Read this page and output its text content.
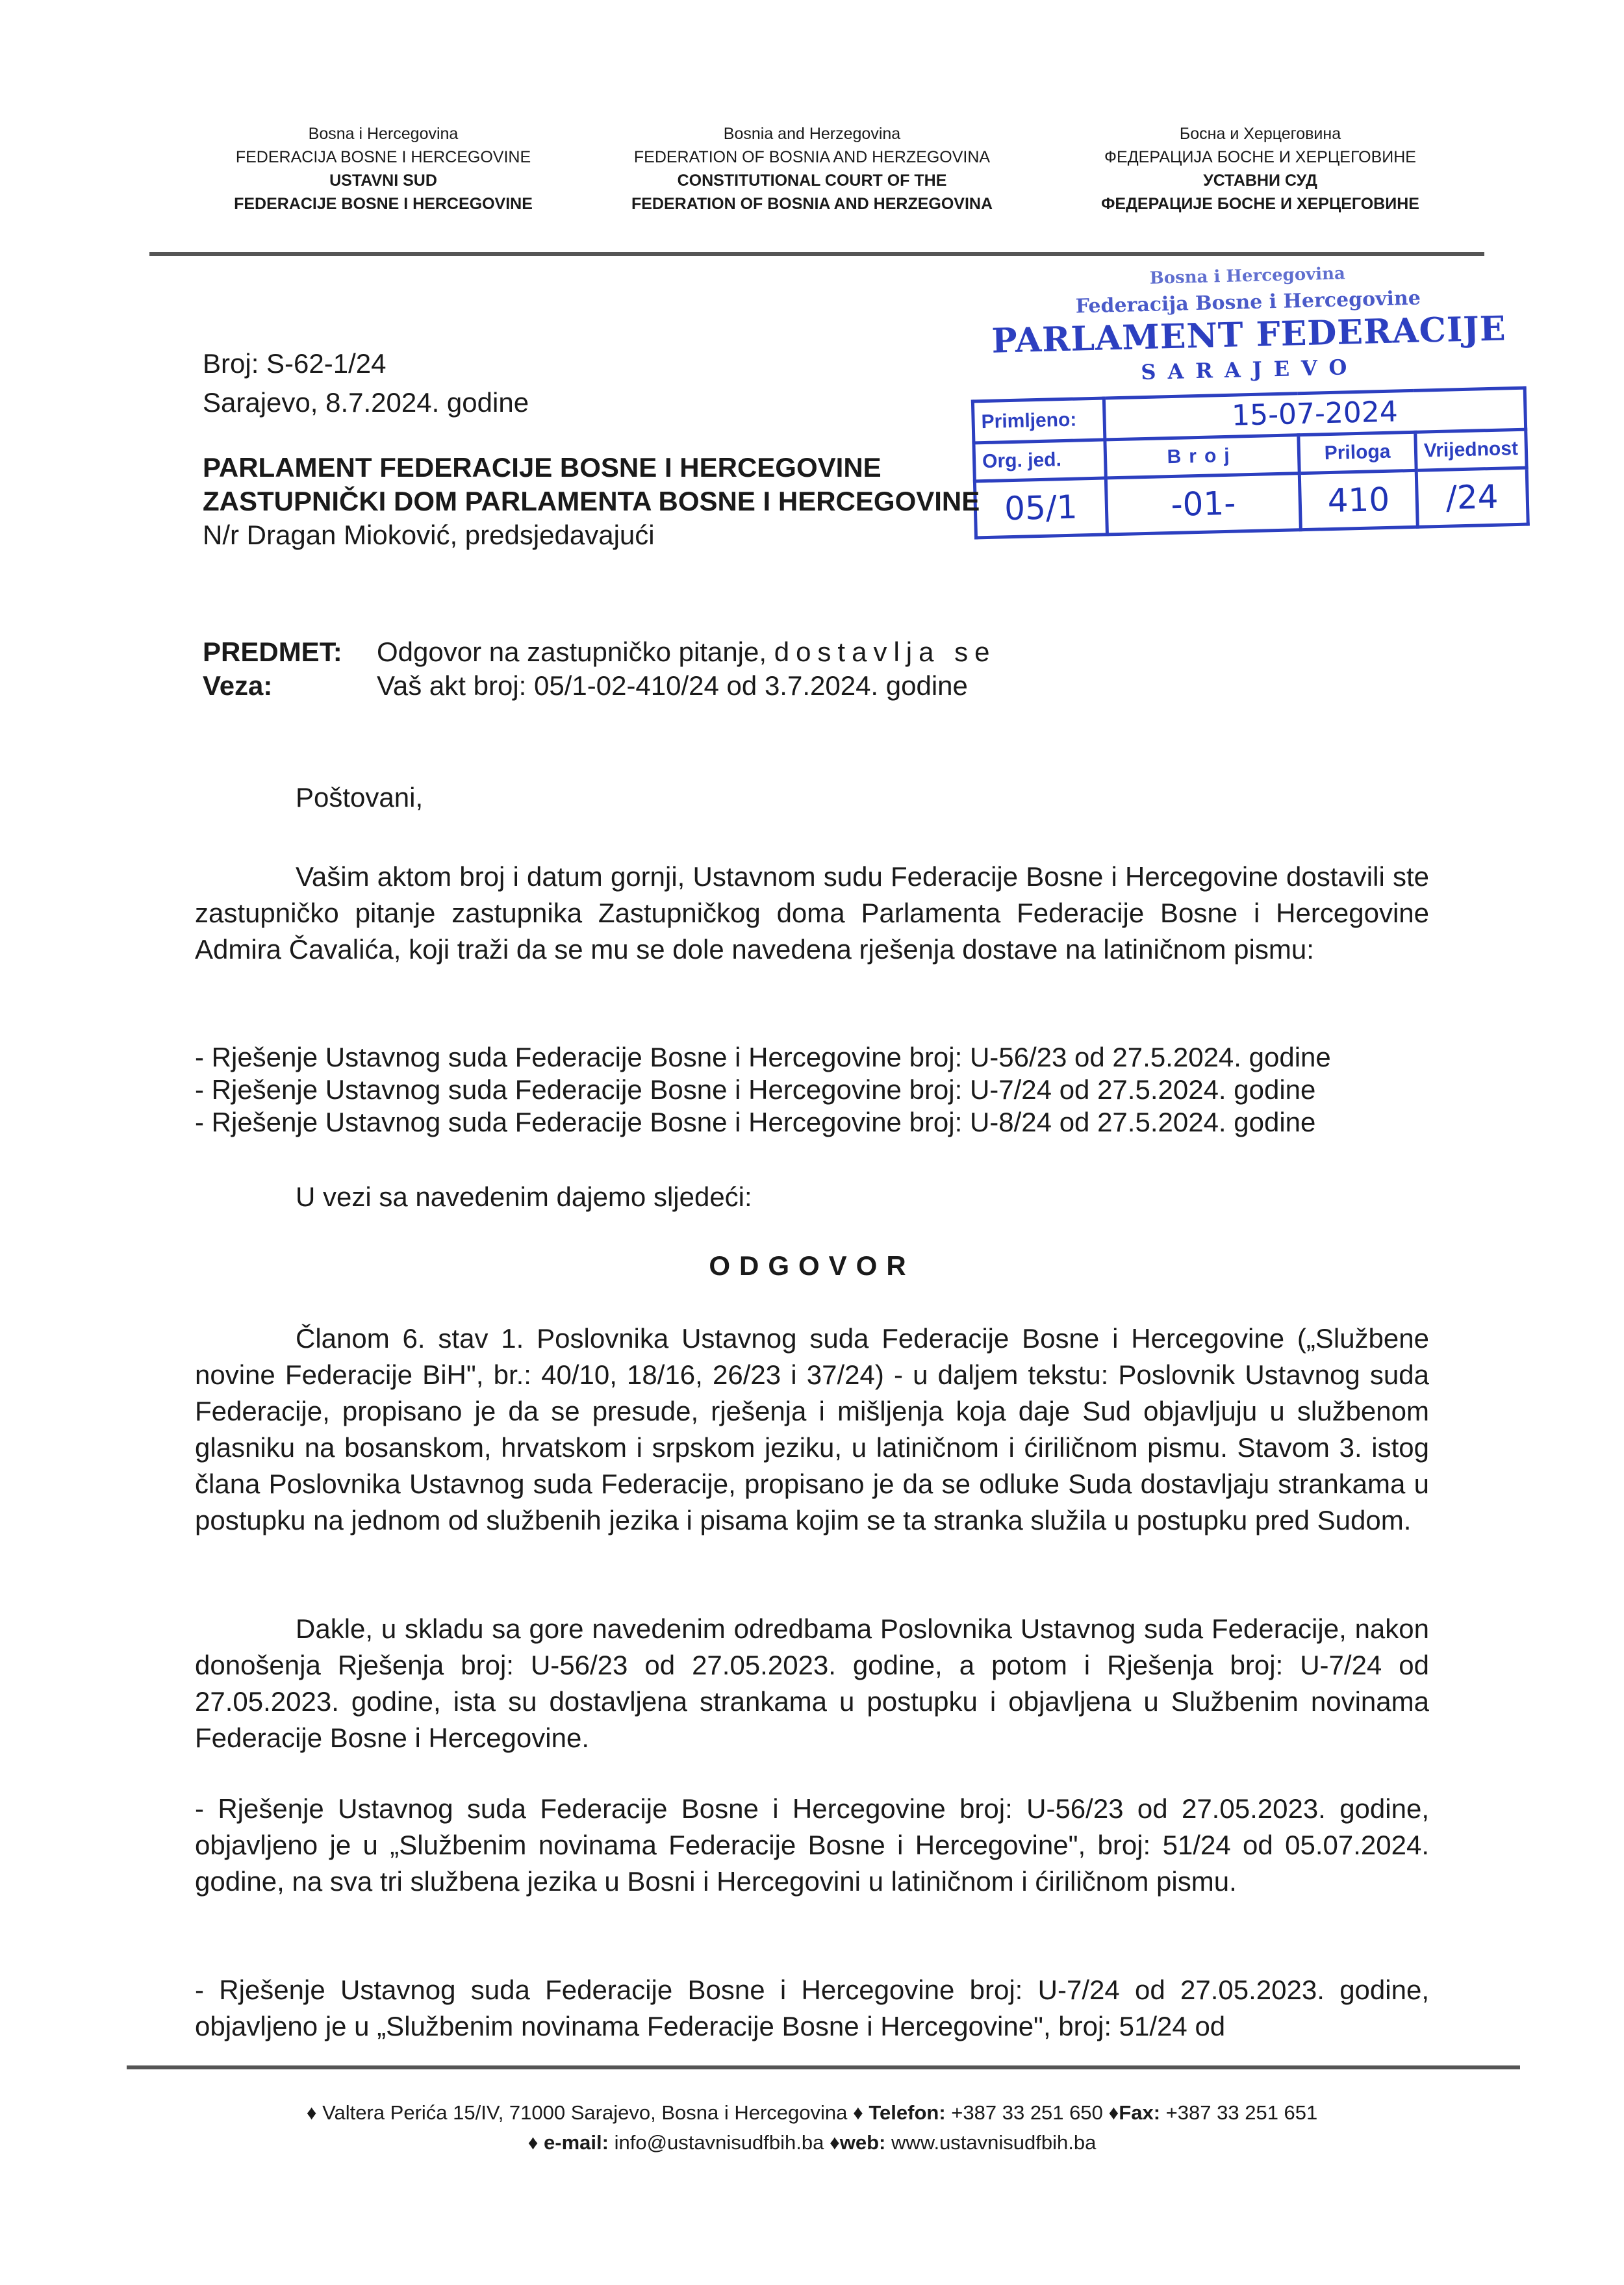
Bosna i Hercegovina
FEDERACIJA BOSNE I HERCEGOVINE
USTAVNI SUD
FEDERACIJE BOSNE I HERCEGOVINE
Bosnia and Herzegovina
FEDERATION OF BOSNIA AND HERZEGOVINA
CONSTITUTIONAL COURT OF THE
FEDERATION OF BOSNIA AND HERZEGOVINA
Босна и Херцеговина
ФЕДЕРАЦИЈА БОСНЕ И ХЕРЦЕГОВИНЕ
УСТАВНИ СУД
ФЕДЕРАЦИЈЕ БОСНЕ И ХЕРЦЕГОВИНЕ
Bosna i Hercegovina
Federacija Bosne i Hercegovine
PARLAMENT FEDERACIJE
SARAJEVO
Primljeno:	15-07-2024		
Org. jed.	Broj	Priloga	Vrijednost
05/1	-01-	410	/24
Broj: S-62-1/24
Sarajevo, 8.7.2024. godine
PARLAMENT FEDERACIJE BOSNE I HERCEGOVINE
ZASTUPNIČKI DOM PARLAMENTA BOSNE I HERCEGOVINE
N/r Dragan Mioković, predsjedavajući
PREDMET: Odgovor na zastupničko pitanje, dostavlja se
Veza:	Vaš akt broj: 05/1-02-410/24 od 3.7.2024. godine
Poštovani,
Vašim aktom broj i datum gornji, Ustavnom sudu Federacije Bosne i Hercegovine dostavili ste zastupničko pitanje zastupnika Zastupničkog doma Parlamenta Federacije Bosne i Hercegovine Admira Čavalića, koji traži da se mu se dole navedena rješenja dostave na latiničnom pismu:
- Rješenje Ustavnog suda Federacije Bosne i Hercegovine broj: U-56/23 od 27.5.2024. godine
- Rješenje Ustavnog suda Federacije Bosne i Hercegovine broj: U-7/24 od 27.5.2024. godine
- Rješenje Ustavnog suda Federacije Bosne i Hercegovine broj: U-8/24 od 27.5.2024. godine
U vezi sa navedenim dajemo sljedeći:
ODGOVOR
Članom 6. stav 1. Poslovnika Ustavnog suda Federacije Bosne i Hercegovine („Službene novine Federacije BiH", br.: 40/10, 18/16, 26/23 i 37/24) - u daljem tekstu: Poslovnik Ustavnog suda Federacije, propisano je da se presude, rješenja i mišljenja koja daje Sud objavljuju u službenom glasniku na bosanskom, hrvatskom i srpskom jeziku, u latiničnom i ćiriličnom pismu. Stavom 3. istog člana Poslovnika Ustavnog suda Federacije, propisano je da se odluke Suda dostavljaju strankama u postupku na jednom od službenih jezika i pisama kojim se ta stranka služila u postupku pred Sudom.
Dakle, u skladu sa gore navedenim odredbama Poslovnika Ustavnog suda Federacije, nakon donošenja Rješenja broj: U-56/23 od 27.05.2023. godine, a potom i Rješenja broj: U-7/24 od 27.05.2023. godine, ista su dostavljena strankama u postupku i objavljena u Službenim novinama Federacije Bosne i Hercegovine.
- Rješenje Ustavnog suda Federacije Bosne i Hercegovine broj: U-56/23 od 27.05.2023. godine, objavljeno je u „Službenim novinama Federacije Bosne i Hercegovine", broj: 51/24 od 05.07.2024. godine, na sva tri službena jezika u Bosni i Hercegovini u latiničnom i ćiriličnom pismu.
- Rješenje Ustavnog suda Federacije Bosne i Hercegovine broj: U-7/24 od 27.05.2023. godine, objavljeno je u „Službenim novinama Federacije Bosne i Hercegovine", broj: 51/24 od
♦ Valtera Perića 15/IV, 71000 Sarajevo, Bosna i Hercegovina ♦ Telefon: +387 33 251 650 ♦Fax: +387 33 251 651
♦ e-mail: info@ustavnisudfbih.ba ♦web: www.ustavnisudfbih.ba
